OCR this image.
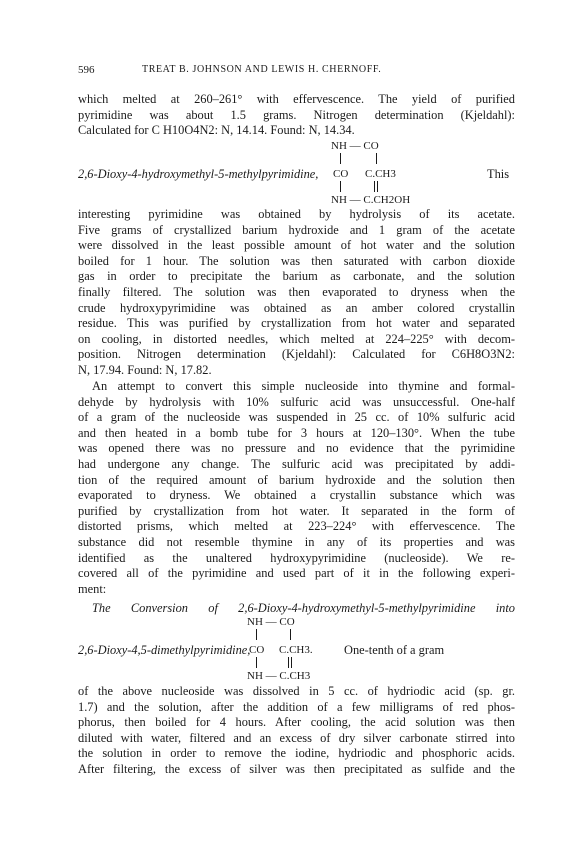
596	TREAT B. JOHNSON AND LEWIS H. CHERNOFF.
which melted at 260–261° with effervescence. The yield of purified
pyrimidine was about 1.5 grams. Nitrogen determination (Kjeldahl):
Calculated for C H10O4N2: N, 14.14. Found: N, 14.34.
NH — CO
2,6-Dioxy-4-hydroxymethyl-5-methylpyrimidine, CO C.CH3	This
NH — C.CH2OH
interesting pyrimidine was obtained by hydrolysis of its acetate.
Five grams of crystallized barium hydroxide and 1 gram of the acetate
were dissolved in the least possible amount of hot water and the solution
boiled for 1 hour. The solution was then saturated with carbon dioxide
gas in order to precipitate the barium as carbonate, and the solution
finally filtered. The solution was then evaporated to dryness when the
crude hydroxypyrimidine was obtained as an amber colored crystallin
residue. This was purified by crystallization from hot water and separated
on cooling, in distorted needles, which melted at 224–225° with decom-
position. Nitrogen determination (Kjeldahl): Calculated for C6H8O3N2:
N, 17.94. Found: N, 17.82.
An attempt to convert this simple nucleoside into thymine and formal-
dehyde by hydrolysis with 10% sulfuric acid was unsuccessful. One-half
of a gram of the nucleoside was suspended in 25 cc. of 10% sulfuric acid
and then heated in a bomb tube for 3 hours at 120–130°. When the tube
was opened there was no pressure and no evidence that the pyrimidine
had undergone any change. The sulfuric acid was precipitated by addi-
tion of the required amount of barium hydroxide and the solution then
evaporated to dryness. We obtained a crystallin substance which was
purified by crystallization from hot water. It separated in the form of
distorted prisms, which melted at 223–224° with effervescence. The
substance did not resemble thymine in any of its properties and was
identified as the unaltered hydroxypyrimidine (nucleoside). We re-
covered all of the pyrimidine and used part of it in the following experi-
ment:
The Conversion of 2,6-Dioxy-4-hydroxymethyl-5-methylpyrimidine into
NH — CO
2,6-Dioxy-4,5-dimethylpyrimidine,
CO C.CH3.	One-tenth of a gram
NH — C.CH3
of the above nucleoside was dissolved in 5 cc. of hydriodic acid (sp. gr.
1.7) and the solution, after the addition of a few milligrams of red phos-
phorus, then boiled for 4 hours. After cooling, the acid solution was then
diluted with water, filtered and an excess of dry silver carbonate stirred into
the solution in order to remove the iodine, hydriodic and phosphoric acids.
After filtering, the excess of silver was then precipitated as sulfide and the
